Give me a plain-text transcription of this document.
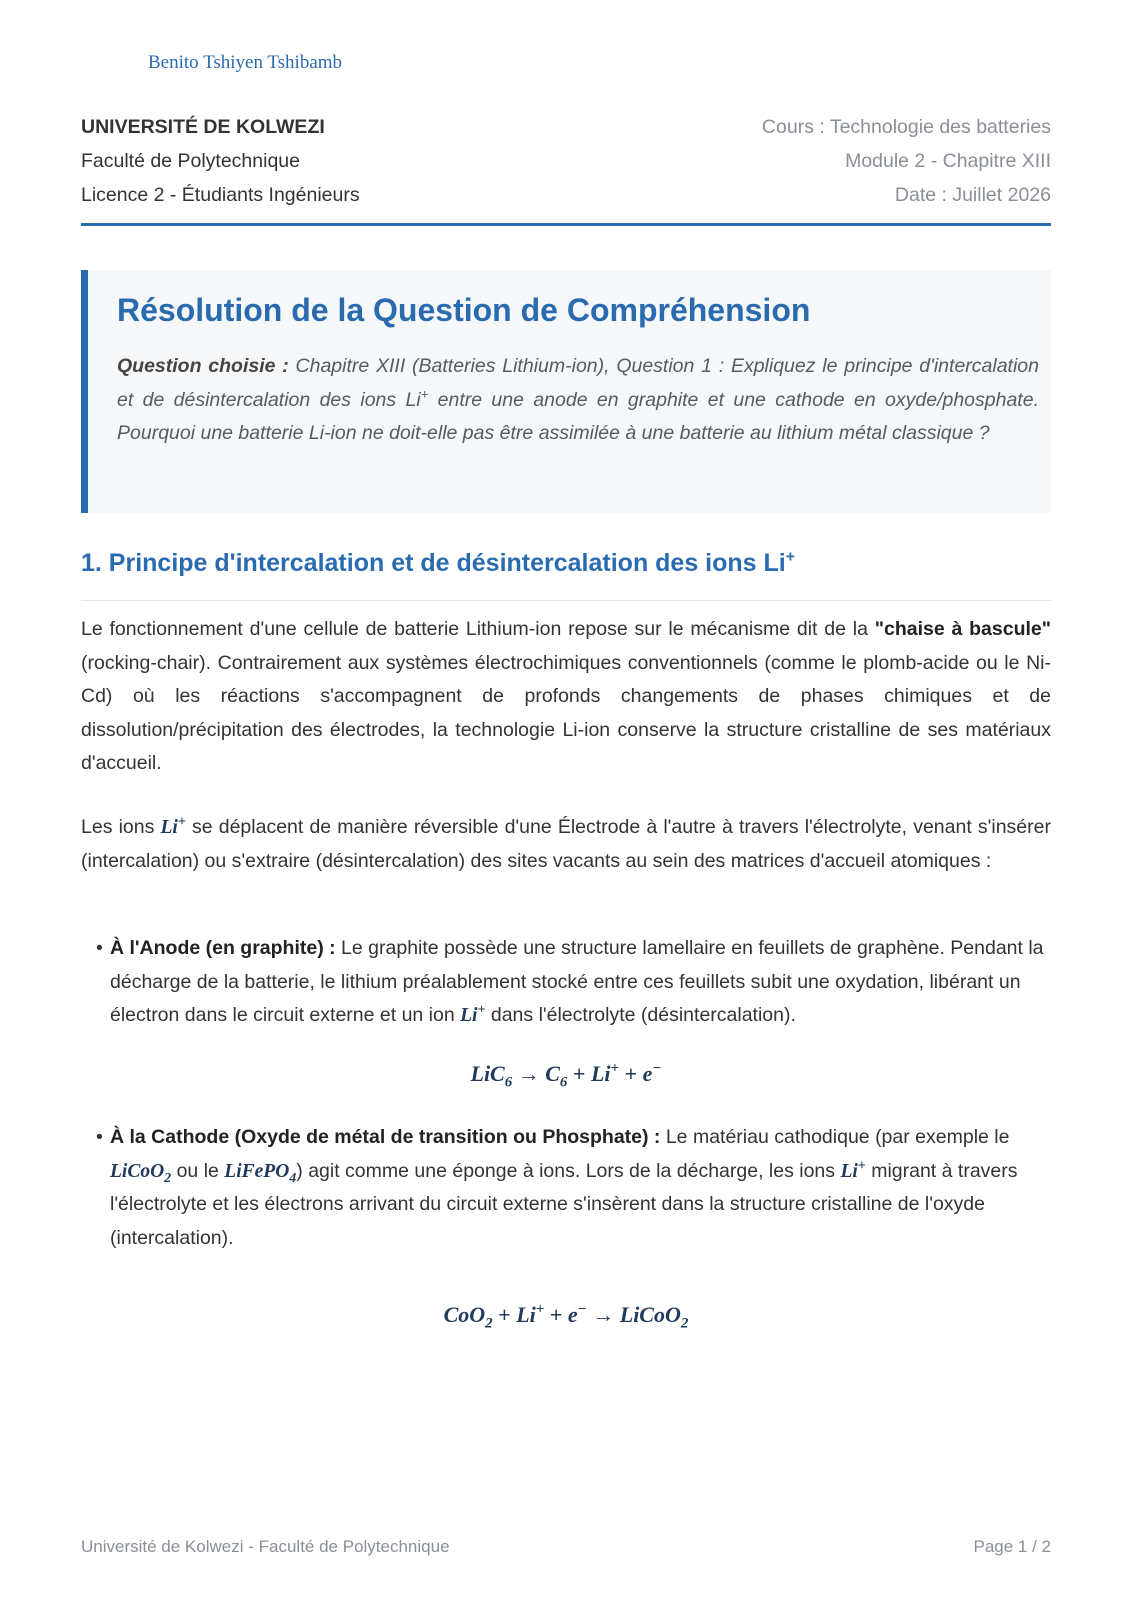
Benito Tshiyen Tshibamb
UNIVERSITÉ DE KOLWEZI
Faculté de Polytechnique
Licence 2 - Étudiants Ingénieurs
Cours : Technologie des batteries
Module 2 - Chapitre XIII
Date : Juillet 2026
Résolution de la Question de Compréhension
Question choisie : Chapitre XIII (Batteries Lithium-ion), Question 1 : Expliquez le principe d'intercalation et de désintercalation des ions Li+ entre une anode en graphite et une cathode en oxyde/phosphate. Pourquoi une batterie Li-ion ne doit-elle pas être assimilée à une batterie au lithium métal classique ?
1. Principe d'intercalation et de désintercalation des ions Li+
Le fonctionnement d'une cellule de batterie Lithium-ion repose sur le mécanisme dit de la "chaise à bascule" (rocking-chair). Contrairement aux systèmes électrochimiques conventionnels (comme le plomb-acide ou le Ni-Cd) où les réactions s'accompagnent de profonds changements de phases chimiques et de dissolution/précipitation des électrodes, la technologie Li-ion conserve la structure cristalline de ses matériaux d'accueil.
Les ions Li+ se déplacent de manière réversible d'une Électrode à l'autre à travers l'électrolyte, venant s'insérer (intercalation) ou s'extraire (désintercalation) des sites vacants au sein des matrices d'accueil atomiques :
• À l'Anode (en graphite) : Le graphite possède une structure lamellaire en feuillets de graphène. Pendant la décharge de la batterie, le lithium préalablement stocké entre ces feuillets subit une oxydation, libérant un électron dans le circuit externe et un ion Li+ dans l'électrolyte (désintercalation).
$LiC_6 \to C_6 + Li^+ + e^-$
• À la Cathode (Oxyde de métal de transition ou Phosphate) : Le matériau cathodique (par exemple le LiCoO$_2$ ou le LiFePO$_4$) agit comme une éponge à ions. Lors de la décharge, les ions Li+ migrant à travers l'électrolyte et les électrons arrivant du circuit externe s'insèrent dans la structure cristalline de l'oxyde (intercalation).
CoO$_2$ + Li+ + e− → LiCoO$_2$
Université de Kolwezi - Faculté de Polytechnique	Page 1 / 2
